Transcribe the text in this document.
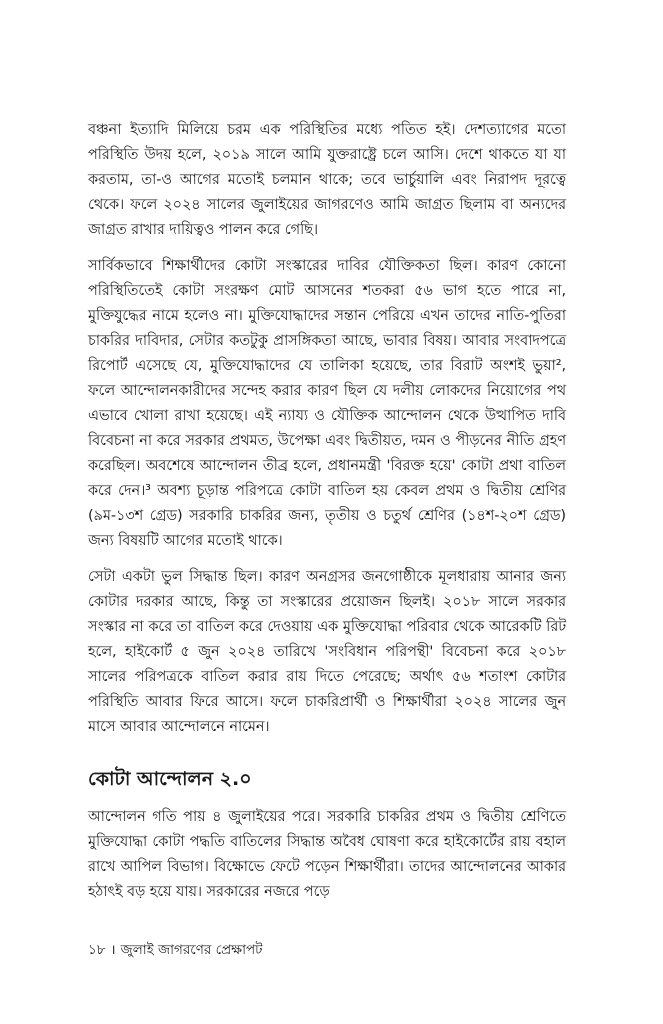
বঞ্চনা ইত্যাদি মিলিয়ে চরম এক পরিস্থিতির মধ্যে পতিত হই। দেশত্যাগের মতো পরিস্থিতি উদয় হলে, ২০১৯ সালে আমি যুক্তরাষ্ট্রে চলে আসি। দেশে থাকতে যা যা করতাম, তা-ও আগের মতোই চলমান থাকে; তবে ভার্চুয়ালি এবং নিরাপদ দূরত্বে থেকে। ফলে ২০২৪ সালের জুলাইয়ের জাগরণেও আমি জাগ্রত ছিলাম বা অন্যদের জাগ্রত রাখার দায়িত্বও পালন করে গেছি।

সার্বিকভাবে শিক্ষার্থীদের কোটা সংস্কারের দাবির যৌক্তিকতা ছিল। কারণ কোনো পরিস্থিতিতেই কোটা সংরক্ষণ মোট আসনের শতকরা ৫৬ ভাগ হতে পারে না, মুক্তিযুদ্ধের নামে হলেও না। মুক্তিযোদ্ধাদের সন্তান পেরিয়ে এখন তাদের নাতি-পুতিরা চাকরির দাবিদার, সেটার কতটুকু প্রাসঙ্গিকতা আছে, ভাবার বিষয়। আবার সংবাদপত্রে রিপোর্ট এসেছে যে, মুক্তিযোদ্ধাদের যে তালিকা হয়েছে, তার বিরাট অংশই ভুয়া², ফলে আন্দোলনকারীদের সন্দেহ করার কারণ ছিল যে দলীয় লোকদের নিয়োগের পথ এভাবে খোলা রাখা হয়েছে। এই ন্যায্য ও যৌক্তিক আন্দোলন থেকে উত্থাপিত দাবি বিবেচনা না করে সরকার প্রথমত, উপেক্ষা এবং দ্বিতীয়ত, দমন ও পীড়নের নীতি গ্রহণ করেছিল। অবশেষে আন্দোলন তীব্র হলে, প্রধানমন্ত্রী 'বিরক্ত হয়ে' কোটা প্রথা বাতিল করে দেন।³ অবশ্য চূড়ান্ত পরিপত্রে কোটা বাতিল হয় কেবল প্রথম ও দ্বিতীয় শ্রেণির (৯ম-১৩শ গ্রেড) সরকারি চাকরির জন্য, তৃতীয় ও চতুর্থ শ্রেণির (১৪শ-২০শ গ্রেড) জন্য বিষয়টি আগের মতোই থাকে।

সেটা একটা ভুল সিদ্ধান্ত ছিল। কারণ অনগ্রসর জনগোষ্ঠীকে মূলধারায় আনার জন্য কোটার দরকার আছে, কিন্তু তা সংস্কারের প্রয়োজন ছিলই। ২০১৮ সালে সরকার সংস্কার না করে তা বাতিল করে দেওয়ায় এক মুক্তিযোদ্ধা পরিবার থেকে আরেকটি রিট হলে, হাইকোর্ট ৫ জুন ২০২৪ তারিখে 'সংবিধান পরিপন্থী' বিবেচনা করে ২০১৮ সালের পরিপত্রকে বাতিল করার রায় দিতে পেরেছে; অর্থাৎ ৫৬ শতাংশ কোটার পরিস্থিতি আবার ফিরে আসে। ফলে চাকরিপ্রার্থী ও শিক্ষার্থীরা ২০২৪ সালের জুন মাসে আবার আন্দোলনে নামেন।

কোটা আন্দোলন ২.০

আন্দোলন গতি পায় ৪ জুলাইয়ের পরে। সরকারি চাকরির প্রথম ও দ্বিতীয় শ্রেণিতে মুক্তিযোদ্ধা কোটা পদ্ধতি বাতিলের সিদ্ধান্ত অবৈধ ঘোষণা করে হাইকোর্টের রায় বহাল রাখে আপিল বিভাগ। বিক্ষোভে ফেটে পড়েন শিক্ষার্থীরা। তাদের আন্দোলনের আকার হঠাৎই বড় হয়ে যায়। সরকারের নজরে পড়ে

১৮ । জুলাই জাগরণের প্রেক্ষাপট
